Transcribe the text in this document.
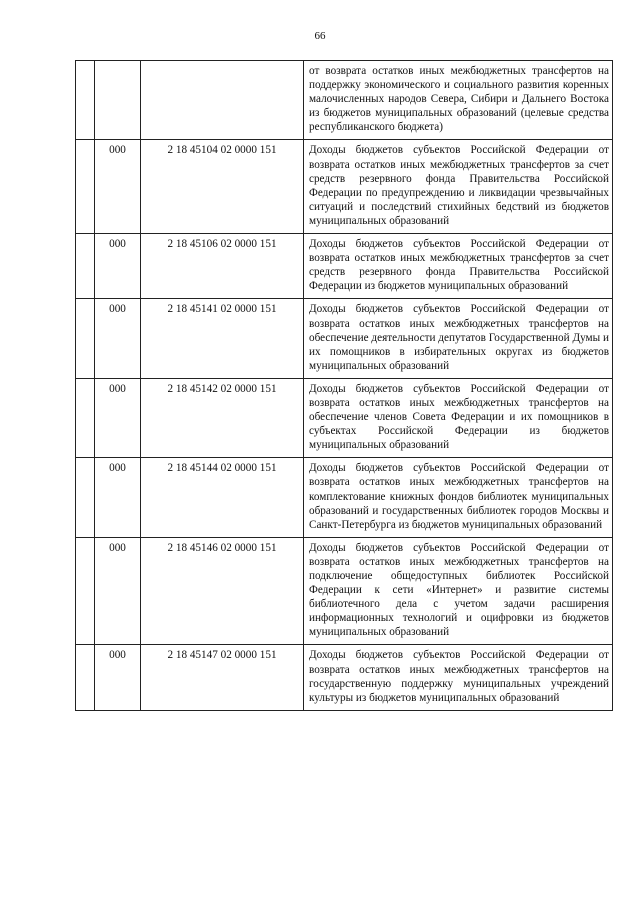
66
			от возврата остатков иных межбюджетных трансфертов на поддержку экономического и социального развития коренных малочисленных народов Севера, Сибири и Дальнего Востока из бюджетов муниципальных образований (целевые средства республиканского бюджета)
	000	2 18 45104 02 0000 151	Доходы бюджетов субъектов Российской Федерации от возврата остатков иных межбюджетных трансфертов за счет средств резервного фонда Правительства Российской Федерации по предупреждению и ликвидации чрезвычайных ситуаций и последствий стихийных бедствий из бюджетов муниципальных образований
	000	2 18 45106 02 0000 151	Доходы бюджетов субъектов Российской Федерации от возврата остатков иных межбюджетных трансфертов за счет средств резервного фонда Правительства Российской Федерации из бюджетов муниципальных образований
	000	2 18 45141 02 0000 151	Доходы бюджетов субъектов Российской Федерации от возврата остатков иных межбюджетных трансфертов на обеспечение деятельности депутатов Государственной Думы и их помощников в избирательных округах из бюджетов муниципальных образований
	000	2 18 45142 02 0000 151	Доходы бюджетов субъектов Российской Федерации от возврата остатков иных межбюджетных трансфертов на обеспечение членов Совета Федерации и их помощников в субъектах Российской Федерации из бюджетов муниципальных образований
	000	2 18 45144 02 0000 151	Доходы бюджетов субъектов Российской Федерации от возврата остатков иных межбюджетных трансфертов на комплектование книжных фондов библиотек муниципальных образований и государственных библиотек городов Москвы и Санкт-Петербурга из бюджетов муниципальных образований
	000	2 18 45146 02 0000 151	Доходы бюджетов субъектов Российской Федерации от возврата остатков иных межбюджетных трансфертов на подключение общедоступных библиотек Российской Федерации к сети «Интернет» и развитие системы библиотечного дела с учетом задачи расширения информационных технологий и оцифровки из бюджетов муниципальных образований
	000	2 18 45147 02 0000 151	Доходы бюджетов субъектов Российской Федерации от возврата остатков иных межбюджетных трансфертов на государственную поддержку муниципальных учреждений культуры из бюджетов муниципальных образований
